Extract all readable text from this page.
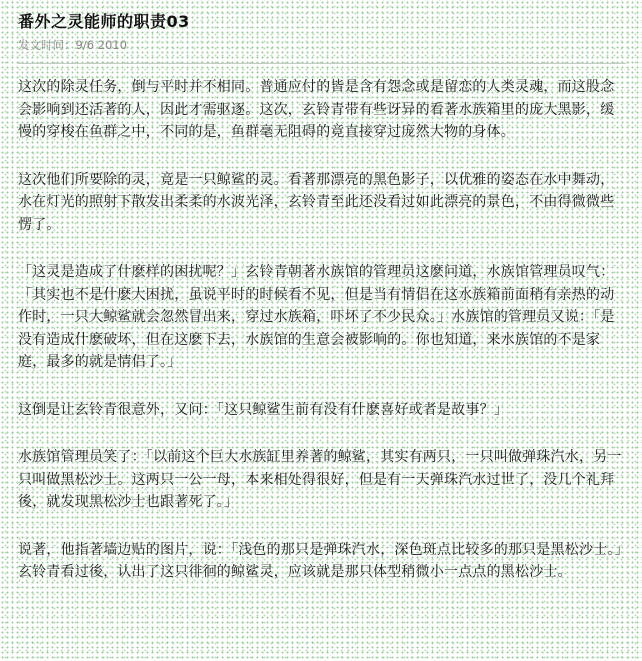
番外之灵能师的职责03
发文时间：9/6 2010

这次的除灵任务，倒与平时并不相同。普通应付的皆是含有怨念或是留恋的人类灵魂，而这股念会影响到还活著的人，因此才需驱逐。这次，玄铃青带有些讶异的看著水族箱里的庞大黑影，缓慢的穿梭在鱼群之中，不同的是，鱼群毫无阻碍的竟直接穿过庞然大物的身体。

这次他们所要除的灵，竟是一只鲸鲨的灵。看著那漂亮的黑色影子，以优雅的姿态在水中舞动，水在灯光的照射下散发出柔柔的水波光泽，玄铃青至此还没看过如此漂亮的景色，不由得微微些愣了。

「这灵是造成了什麽样的困扰呢？」玄铃青朝著水族馆的管理员这麽问道，水族馆管理员叹气：「其实也不是什麽大困扰，虽说平时的时候看不见，但是当有情侣在这水族箱前面稍有亲热的动作时，一只大鲸鲨就会忽然冒出来，穿过水族箱，吓坏了不少民众。」水族馆的管理员又说：「是没有造成什麽破坏，但在这麽下去，水族馆的生意会被影响的。你也知道，来水族馆的不是家庭，最多的就是情侣了。」

这倒是让玄铃青很意外，又问：「这只鲸鲨生前有没有什麽喜好或者是故事？」

水族馆管理员笑了：「以前这个巨大水族缸里养著的鲸鲨，其实有两只，一只叫做弹珠汽水，另一只叫做黑松沙士。这两只一公一母，本来相处得很好，但是有一天弹珠汽水过世了，没几个礼拜後，就发现黑松沙士也跟著死了。」

说著，他指著墙边贴的图片，说：「浅色的那只是弹珠汽水，深色斑点比较多的那只是黑松沙士。」玄铃青看过後，认出了这只徘徊的鲸鲨灵，应该就是那只体型稍微小一点点的黑松沙士。
